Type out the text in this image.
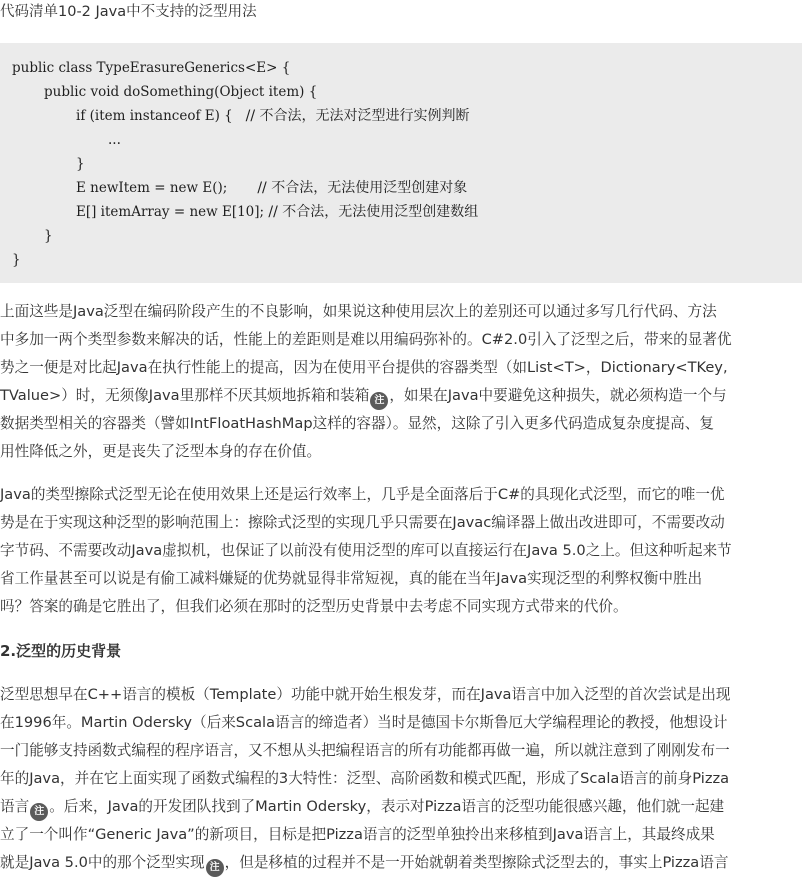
代码清单10-2 Java中不支持的泛型用法
public class TypeErasureGenerics<E> {
public void doSomething(Object item) {
if (item instanceof E) {   // 不合法，无法对泛型进行实例判断
...
}
E newItem = new E();       // 不合法，无法使用泛型创建对象
E[] itemArray = new E[10]; // 不合法，无法使用泛型创建数组
}
}
上面这些是Java泛型在编码阶段产生的不良影响，如果说这种使用层次上的差别还可以通过多写几行代码、方法
中多加一两个类型参数来解决的话，性能上的差距则是难以用编码弥补的。C#2.0引入了泛型之后，带来的显著优
势之一便是对比起Java在执行性能上的提高，因为在使用平台提供的容器类型（如List<T>，Dictionary<TKey,
TValue>）时，无须像Java里那样不厌其烦地拆箱和装箱 注 ，如果在Java中要避免这种损失，就必须构造一个与
数据类型相关的容器类（譬如IntFloatHashMap这样的容器）。显然，这除了引入更多代码造成复杂度提高、复
用性降低之外，更是丧失了泛型本身的存在价值。
Java的类型擦除式泛型无论在使用效果上还是运行效率上，几乎是全面落后于C#的具现化式泛型，而它的唯一优
势是在于实现这种泛型的影响范围上：擦除式泛型的实现几乎只需要在Javac编译器上做出改进即可，不需要改动
字节码、不需要改动Java虚拟机，也保证了以前没有使用泛型的库可以直接运行在Java 5.0之上。但这种听起来节
省工作量甚至可以说是有偷工减料嫌疑的优势就显得非常短视，真的能在当年Java实现泛型的利弊权衡中胜出
吗？答案的确是它胜出了，但我们必须在那时的泛型历史背景中去考虑不同实现方式带来的代价。
2.泛型的历史背景
泛型思想早在C++语言的模板（Template）功能中就开始生根发芽，而在Java语言中加入泛型的首次尝试是出现
在1996年。Martin Odersky（后来Scala语言的缔造者）当时是德国卡尔斯鲁厄大学编程理论的教授，他想设计
一门能够支持函数式编程的程序语言，又不想从头把编程语言的所有功能都再做一遍，所以就注意到了刚刚发布一
年的Java，并在它上面实现了函数式编程的3大特性：泛型、高阶函数和模式匹配，形成了Scala语言的前身Pizza
语言 注 。后来，Java的开发团队找到了Martin Odersky，表示对Pizza语言的泛型功能很感兴趣，他们就一起建
立了一个叫作“Generic Java”的新项目，目标是把Pizza语言的泛型单独拎出来移植到Java语言上，其最终成果
就是Java 5.0中的那个泛型实现 注 ，但是移植的过程并不是一开始就朝着类型擦除式泛型去的，事实上Pizza语言
